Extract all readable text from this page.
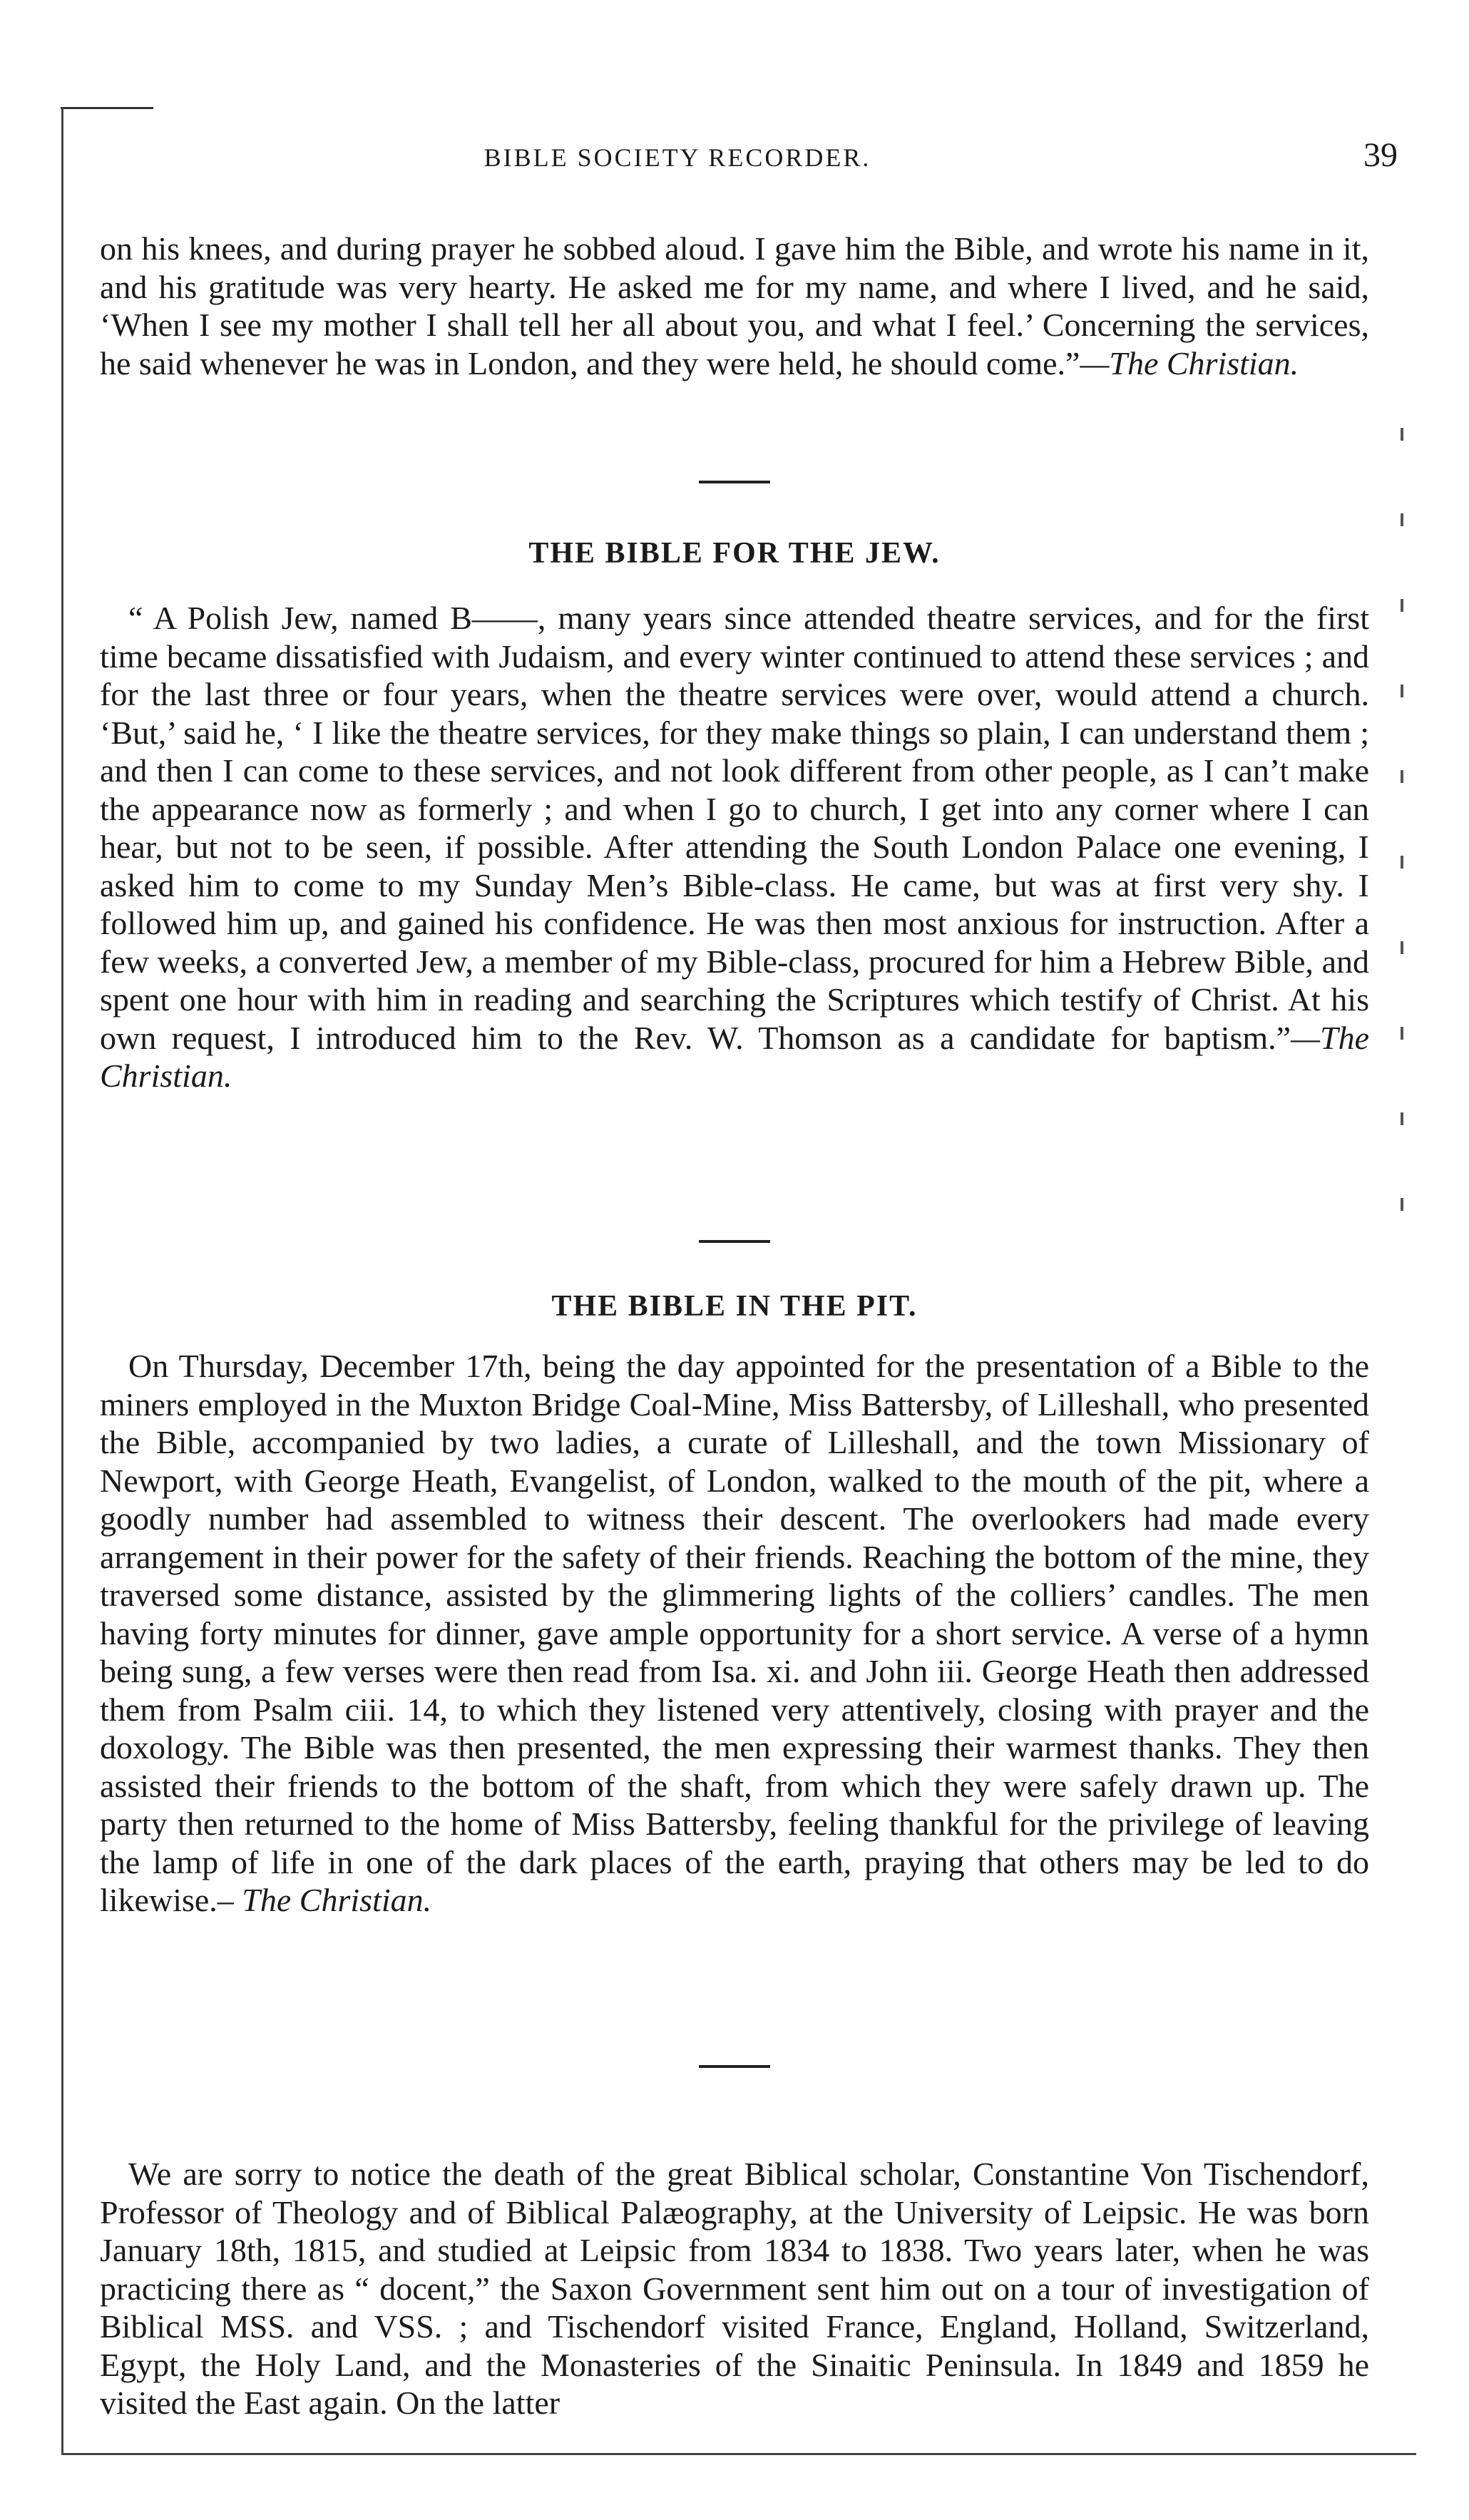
BIBLE SOCIETY RECORDER.	39

on his knees, and during prayer he sobbed aloud. I gave him the Bible, and wrote his name in it, and his gratitude was very hearty. He asked me for my name, and where I lived, and he said, ‘When I see my mother I shall tell her all about you, and what I feel.’ Concerning the services, he said whenever he was in London, and they were held, he should come.”—The Christian.

THE BIBLE FOR THE JEW.

“ A Polish Jew, named B——, many years since attended theatre services, and for the first time became dissatisfied with Judaism, and every winter continued to attend these services ; and for the last three or four years, when the theatre services were over, would attend a church. ‘But,’ said he, ‘ I like the theatre services, for they make things so plain, I can understand them ; and then I can come to these services, and not look different from other people, as I can’t make the appearance now as formerly ; and when I go to church, I get into any corner where I can hear, but not to be seen, if possible. After attending the South London Palace one evening, I asked him to come to my Sunday Men’s Bible-class. He came, but was at first very shy. I followed him up, and gained his confidence. He was then most anxious for instruction. After a few weeks, a converted Jew, a member of my Bible-class, procured for him a Hebrew Bible, and spent one hour with him in reading and searching the Scriptures which testify of Christ. At his own request, I introduced him to the Rev. W. Thomson as a candidate for baptism.”—The Christian.

THE BIBLE IN THE PIT.

On Thursday, December 17th, being the day appointed for the presentation of a Bible to the miners employed in the Muxton Bridge Coal-Mine, Miss Battersby, of Lilleshall, who presented the Bible, accompanied by two ladies, a curate of Lilleshall, and the town Missionary of Newport, with George Heath, Evangelist, of London, walked to the mouth of the pit, where a goodly number had assembled to witness their descent. The overlookers had made every arrangement in their power for the safety of their friends. Reaching the bottom of the mine, they traversed some distance, assisted by the glimmering lights of the colliers’ candles. The men having forty minutes for dinner, gave ample opportunity for a short service. A verse of a hymn being sung, a few verses were then read from Isa. xi. and John iii. George Heath then addressed them from Psalm ciii. 14, to which they listened very attentively, closing with prayer and the doxology. The Bible was then presented, the men expressing their warmest thanks. They then assisted their friends to the bottom of the shaft, from which they were safely drawn up. The party then returned to the home of Miss Battersby, feeling thankful for the privilege of leaving the lamp of life in one of the dark places of the earth, praying that others may be led to do likewise.– The Christian.

We are sorry to notice the death of the great Biblical scholar, Constantine Von Tischendorf, Professor of Theology and of Biblical Palæography, at the University of Leipsic. He was born January 18th, 1815, and studied at Leipsic from 1834 to 1838. Two years later, when he was practicing there as “ docent,” the Saxon Government sent him out on a tour of investigation of Biblical MSS. and VSS. ; and Tischendorf visited France, England, Holland, Switzerland, Egypt, the Holy Land, and the Monasteries of the Sinaitic Peninsula. In 1849 and 1859 he visited the East again. On the latter
